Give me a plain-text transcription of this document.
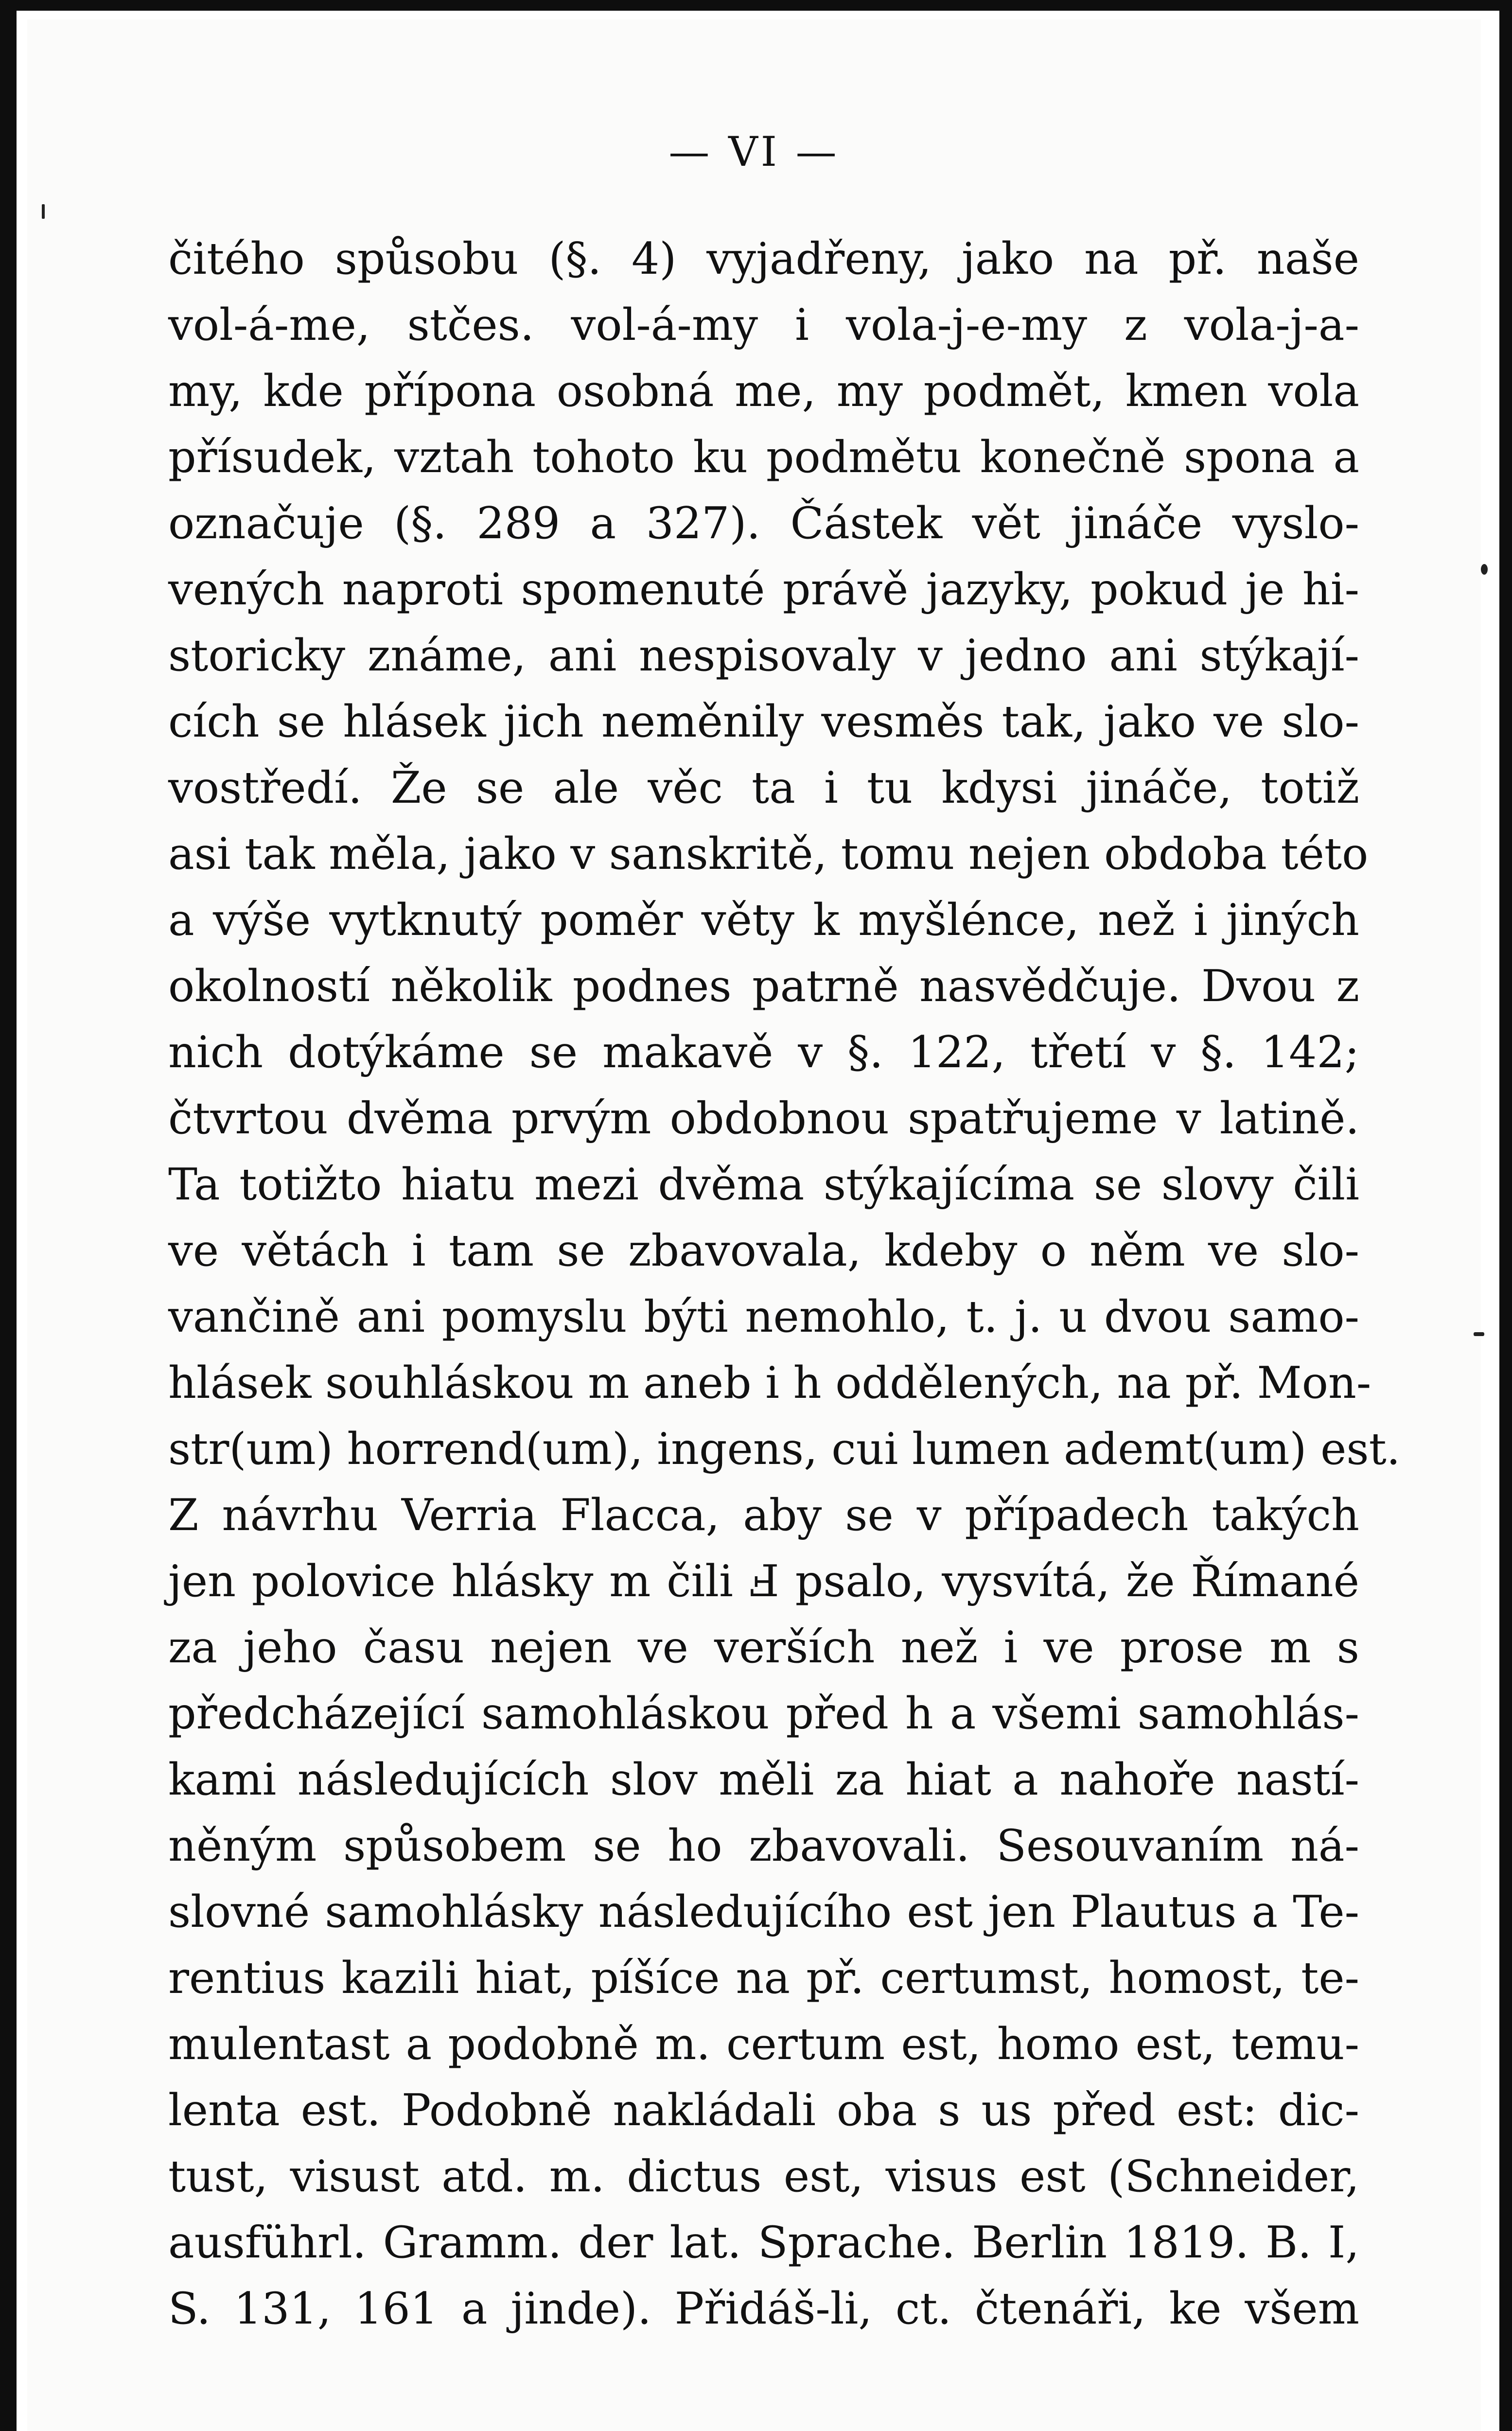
— VI —
čitého spůsobu (§. 4) vyjadřeny, jako na př. naše
vol-á-me, stčes. vol-á-my i vola-j-e-my z vola-j-a-
my, kde přípona osobná me, my podmět, kmen vola
přísudek, vztah tohoto ku podmětu konečně spona a
označuje (§. 289 a 327). Částek vět jináče vyslo-
vených naproti spomenuté právě jazyky, pokud je hi-
storicky známe, ani nespisovaly v jedno ani stýkají-
cích se hlásek jich neměnily vesměs tak, jako ve slo-
vostředí. Že se ale věc ta i tu kdysi jináče, totiž
asi tak měla, jako v sanskritě, tomu nejen obdoba této
a výše vytknutý poměr věty k myšlénce, než i jiných
okolností několik podnes patrně nasvědčuje. Dvou z
nich dotýkáme se makavě v §. 122, třetí v §. 142;
čtvrtou dvěma prvým obdobnou spatřujeme v latině.
Ta totižto hiatu mezi dvěma stýkajícíma se slovy čili
ve větách i tam se zbavovala, kdeby o něm ve slo-
vančině ani pomyslu býti nemohlo, t. j. u dvou samo-
hlásek souhláskou m aneb i h oddělených, na př. Mon-
str(um) horrend(um), ingens, cui lumen ademt(um) est.
Z návrhu Verria Flacca, aby se v případech takých
jen polovice hlásky m čili Ⅎ psalo, vysvítá, že Římané
za jeho času nejen ve verších než i ve prose m s
předcházející samohláskou před h a všemi samohlás-
kami následujících slov měli za hiat a nahoře nastí-
něným spůsobem se ho zbavovali. Sesouvaním ná-
slovné samohlásky následujícího est jen Plautus a Te-
rentius kazili hiat, píšíce na př. certumst, homost, te-
mulentast a podobně m. certum est, homo est, temu-
lenta est. Podobně nakládali oba s us před est: dic-
tust, visust atd. m. dictus est, visus est (Schneider,
ausführl. Gramm. der lat. Sprache. Berlin 1819. B. I,
S. 131, 161 a jinde). Přidáš-li, ct. čtenáři, ke všem
